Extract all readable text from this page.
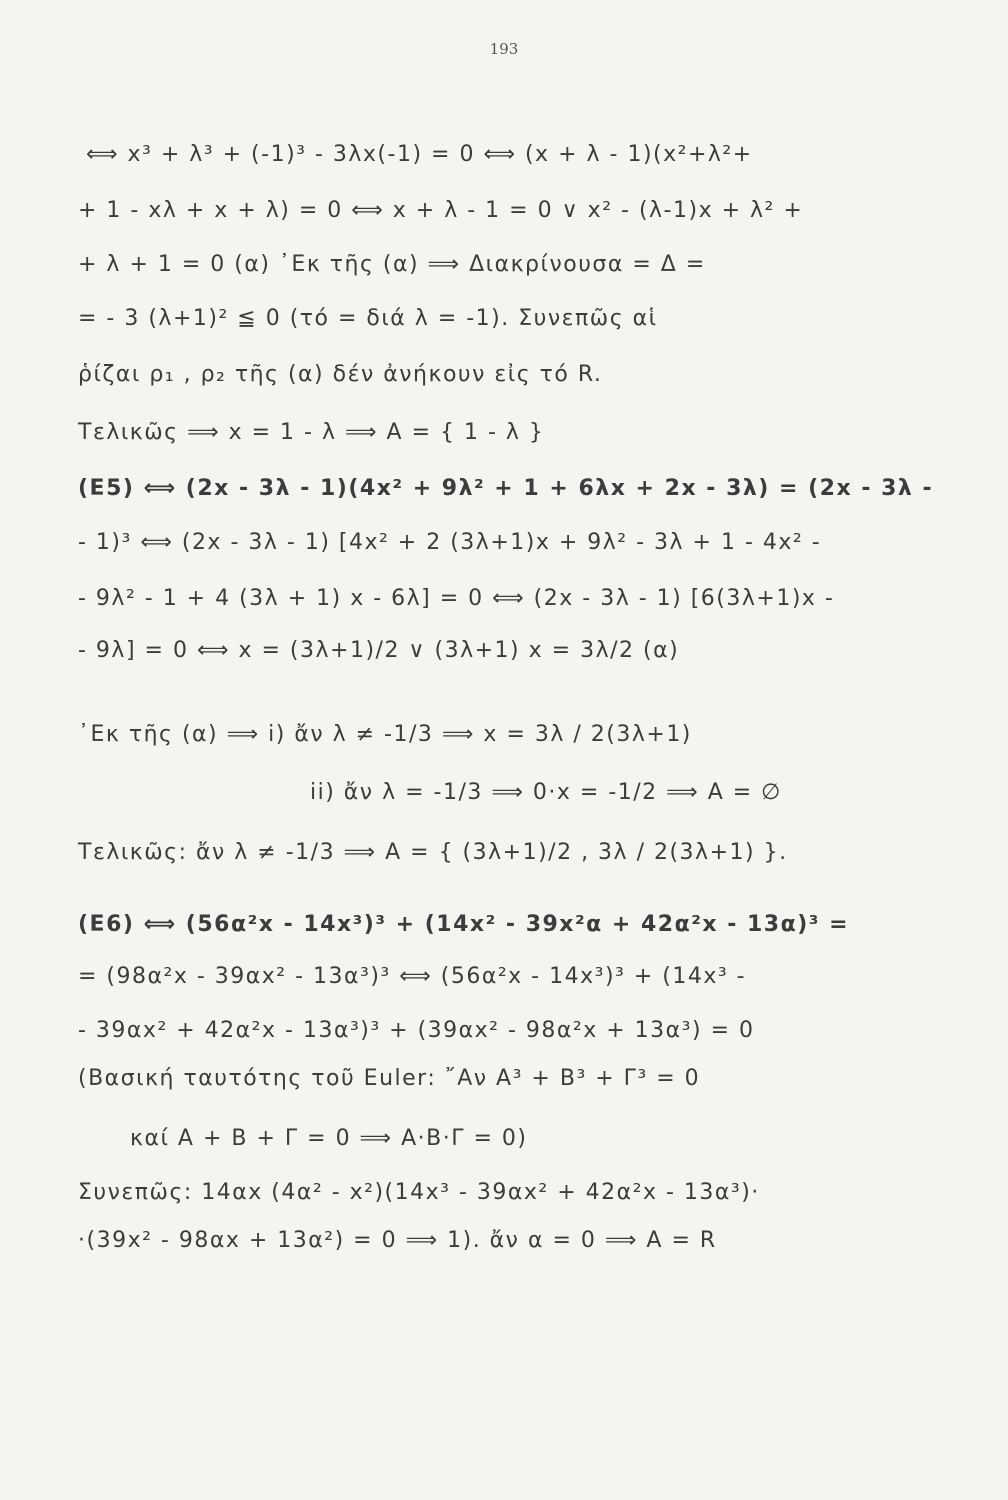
193
⟺ x³ + λ³ + (-1)³ - 3λx(-1) = 0 ⟺ (x + λ - 1)(x²+λ²+
+ 1 - xλ + x + λ) = 0 ⟺ x + λ - 1 = 0 ∨ x² - (λ-1)x + λ² +
+ λ + 1 = 0 (α) ᾿Εκ τῆς (α) ⟹ Διακρίνουσα = Δ =
= - 3 (λ+1)² ≦ 0 (τό = διά λ = -1). Συνεπῶς αἱ
ῥίζαι ρ₁ , ρ₂ τῆς (α) δέν ἀνήκουν εἰς τό R.
Τελικῶς ⟹ x = 1 - λ ⟹ A = { 1 - λ }
(Ε5) ⟺ (2x - 3λ - 1)(4x² + 9λ² + 1 + 6λx + 2x - 3λ) = (2x - 3λ -
- 1)³ ⟺ (2x - 3λ - 1) [4x² + 2 (3λ+1)x + 9λ² - 3λ + 1 - 4x² -
- 9λ² - 1 + 4 (3λ + 1) x - 6λ] = 0 ⟺ (2x - 3λ - 1) [6(3λ+1)x -
- 9λ] = 0 ⟺ x = (3λ+1)/2 ∨ (3λ+1) x = 3λ/2 (α)
᾿Εκ τῆς (α) ⟹ i) ἄν λ ≠ -1/3 ⟹ x = 3λ / 2(3λ+1)
ii) ἄν λ = -1/3 ⟹ 0·x = -1/2 ⟹ A = ∅
Τελικῶς: ἄν λ ≠ -1/3 ⟹ A = { (3λ+1)/2 , 3λ / 2(3λ+1) }.
(Ε6) ⟺ (56α²x - 14x³)³ + (14x² - 39x²α + 42α²x - 13α)³ =
= (98α²x - 39αx² - 13α³)³ ⟺ (56α²x - 14x³)³ + (14x³ -
- 39αx² + 42α²x - 13α³)³ + (39αx² - 98α²x + 13α³) = 0
(Βασική ταυτότης τοῦ Euler: ῎Αν A³ + B³ + Γ³ = 0
καί A + B + Γ = 0 ⟹ A·B·Γ = 0)
Συνεπῶς: 14αx (4α² - x²)(14x³ - 39αx² + 42α²x - 13α³)·
·(39x² - 98αx + 13α²) = 0 ⟹ 1). ἄν α = 0 ⟹ A = R
